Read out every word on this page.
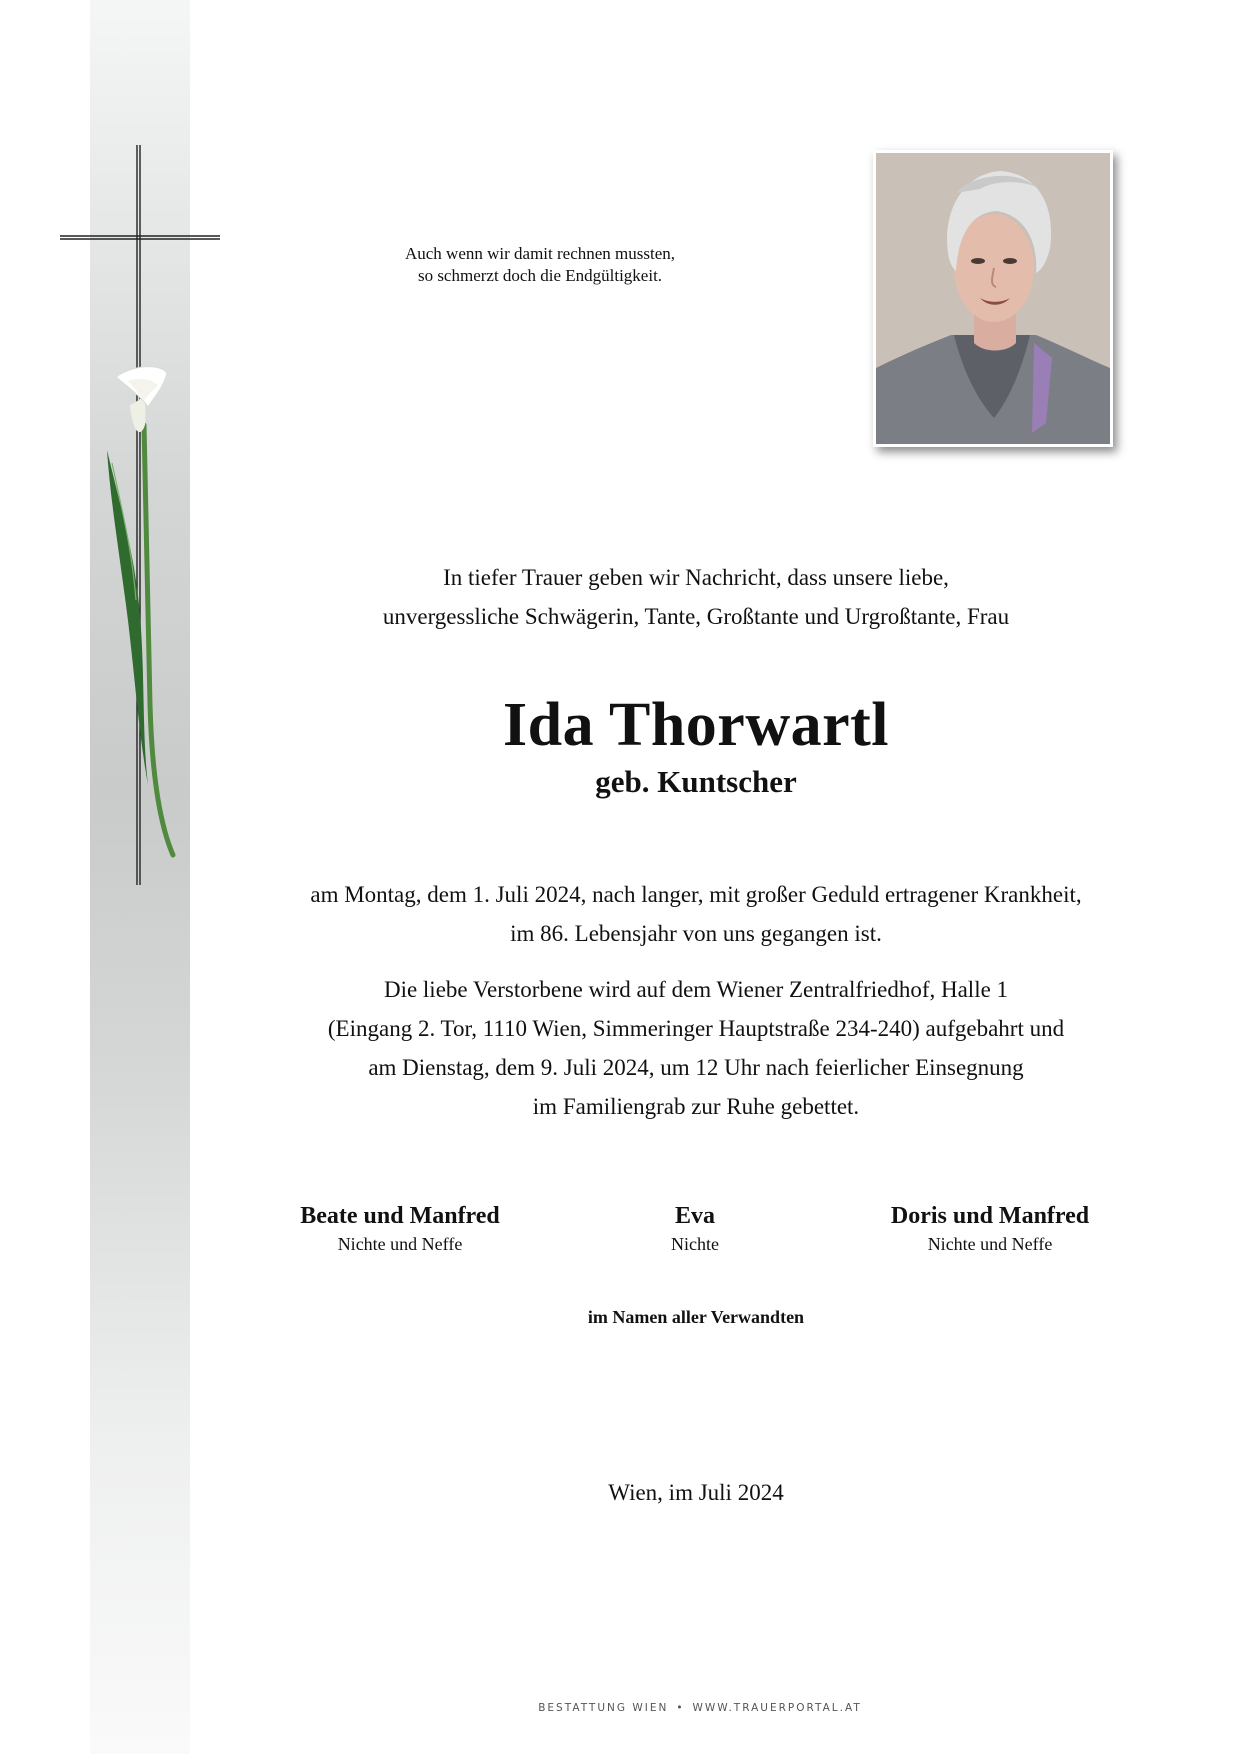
Auch wenn wir damit rechnen mussten,
so schmerzt doch die Endgültigkeit.
In tiefer Trauer geben wir Nachricht, dass unsere liebe,
unvergessliche Schwägerin, Tante, Großtante und Urgroßtante, Frau
Ida Thorwartl
geb. Kuntscher
am Montag, dem 1. Juli 2024, nach langer, mit großer Geduld ertragener Krankheit,
im 86. Lebensjahr von uns gegangen ist.
Die liebe Verstorbene wird auf dem Wiener Zentralfriedhof, Halle 1
(Eingang 2. Tor, 1110 Wien, Simmeringer Hauptstraße 234-240) aufgebahrt und
am Dienstag, dem 9. Juli 2024, um 12 Uhr nach feierlicher Einsegnung
im Familiengrab zur Ruhe gebettet.
Beate und Manfred
Nichte und Neffe
Eva
Nichte
Doris und Manfred
Nichte und Neffe
im Namen aller Verwandten
Wien, im Juli 2024
BESTATTUNG WIEN • WWW.TRAUERPORTAL.AT
